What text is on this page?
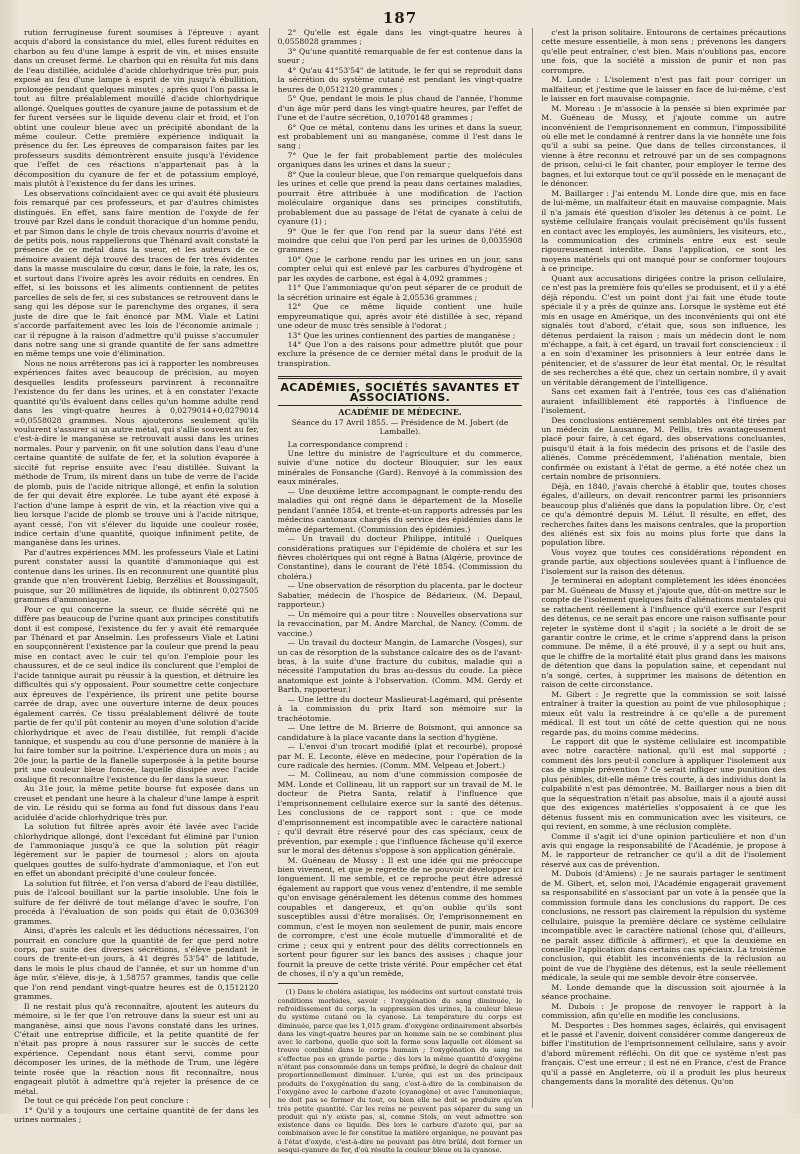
187

rution ferrugineuse furent soumises à l'épreuve : ayant acquis d'abord la consistance du miel, elles furent réduites en charbon au feu d'une lampe à esprit de vin, et mises ensuite dans un creuset fermé. Le charbon qui en résulta fut mis dans de l'eau distillée, acidulée d'acide chlorhydrique très pur, puis exposé au feu d'une lampe à esprit de vin jusqu'à ébullition, prolongée pendant quelques minutes ; après quoi l'on passa le tout au filtre préalablement mouillé d'acide chlorhydrique allongé. Quelques gouttes de cyanure jaune de potassium et de fer furent versées sur le liquide devenu clair et froid, et l'on obtint une couleur bleue avec un précipité abondant de la même couleur. Cette première expérience indiquait la présence du fer. Les épreuves de comparaison faites par les professeurs susdits démontrèrent ensuite jusqu'à l'évidence que l'effet de ces réactions n'appartenait pas à la décomposition du cyanure de fer et de potassium employé, mais plutôt à l'existence du fer dans les urines.

Les observations coïncidaient avec ce qui avait été plusieurs fois remarqué par ces professeurs, et par d'autres chimistes distingués. En effet, sans faire mention de l'oxyde de fer trouvé par Rzel dans le conduit thoracique d'un homme pendu, et par Simon dans le chyle de trois chevaux nourris d'avoine et de petits pois, nous rappellerons que Thénard avait constaté la présence de ce métal dans la sueur, et les auteurs de ce mémoire avaient déjà trouvé des traces de fer très évidentes dans la masse musculaire du cœur, dans le foie, la rate, les os, et surtout dans l'ivoire après les avoir réduits en cendres. En effet, si les boissons et les aliments contiennent de petites parcelles de sels de fer, si ces substances se retrouvent dans le sang qui les dépose sur le parenchyme des organes, il sera juste de dire que le fait énoncé par MM. Viale et Latini s'accorde parfaitement avec les lois de l'économie animale ; car il répugne à la raison d'admettre qu'il puisse s'accumuler dans notre sang une si grande quantité de fer sans admettre en même temps une voie d'élimination.

Nous ne nous arrêterons pas ici à rapporter les nombreuses expériences faites avec beaucoup de précision, au moyen desquelles lesdits professeurs parvinrent à reconnaître l'existence du fer dans les urines, et à en constater l'exacte quantité qu'ils évaluent dans celles qu'un homme adulte rend dans les vingt-quatre heures à 0,0279014+0,0279014 =0,0558028 grammes. Nous ajouterons seulement qu'ils voulurent s'assurer si un autre métal, qui s'allie souvent au fer, c'est-à-dire le manganèse se retrouvait aussi dans les urines normales. Pour y parvenir, on fit une solution dans l'eau d'une certaine quantité de sulfate de fer, et la solution évaporée à siccité fut reprise ensuite avec l'eau distillée. Suivant la méthode de Trum, ils mirent dans un tube de verre de l'acide de plomb, puis de l'acide nitrique allongé, et enfin la solution de fer qui devait être explorée. Le tube ayant été exposé à l'action d'une lampe à esprit de vin, et la réaction vive qui a lieu lorsque l'acide de plomb se trouve uni à l'acide nitrique, ayant cessé, l'on vit s'élever du liquide une couleur rosée, indice certain d'une quantité, quoique infiniment petite, de manganèse dans les urines.

Par d'autres expériences MM. les professeurs Viale et Latini purent constater aussi la quantité d'ammoniaque qui est contenue dans les urines. Ils en reconnurent une quantité plus grande que n'en trouvèrent Liebig, Berzélius et Boussingault, puisque, sur 20 millimètres de liquide, ils obtinrent 0,027505 grammes d'ammoniaque.

Pour ce qui concerne la sueur, ce fluide sécrété qui ne diffère pas beaucoup de l'urine quant aux principes constitutifs dont il est composé, l'existence du fer y avait été remarquée par Thénard et par Anselmin. Les professeurs Viale et Latini en soupçonnèrent l'existence par la couleur que prend la peau mise en contact avec le cuir tel qu'on l'emploie pour les chaussures, et de ce seul indice ils conclurent que l'emploi de l'acide tannique aurait pu réussir à la question, et détruire les difficultés qui s'y opposaient. Pour soumettre cette conjecture aux épreuves de l'expérience, ils prirent une petite bourse carrée de drap, avec une ouverture interne de deux pouces également carrés. Ce tissu préalablement délivré de toute partie de fer qu'il pût contenir au moyen d'une solution d'acide chlorhydrique et avec de l'eau distillée, fut rempli d'acide tannique, et suspendu au cou d'une personne de manière à la lui faire tomber sur la poitrine. L'expérience dura un mois ; au 20e jour, la partie de la flanelle superposée à la petite bourse prit une couleur bleue foncée, laquelle dissipée avec l'acide oxalique fit reconnaître l'existence du fer dans la sueur.

Au 31e jour, la même petite bourse fut exposée dans un creuset et pendant une heure à la chaleur d'une lampe à esprit de vin. Le résidu qui se forma au fond fut dissous dans l'eau acidulée d'acide chlorhydrique très pur.

La solution fut filtrée après avoir été lavée avec l'acide chlorhydrique allongé, dont l'excédant fut éliminé par l'union de l'ammoniaque jusqu'à ce que la solution pût réagir légèrement sur le papier de tournesol ; alors on ajouta quelques gouttes de sulfo-hydrate d'ammoniaque, et l'on eut en effet un abondant précipité d'une couleur foncée.

La solution fut filtrée, et l'on versa d'abord de l'eau distillée, puis de l'alcool bouillant sur la partie insoluble. Une fois le sulfure de fer délivré de tout mélange d'avec le soufre, l'on procéda à l'évaluation de son poids qui était de 0,036309 grammes.

Ainsi, d'après les calculs et les déductions nécessaires, l'on pourrait en conclure que la quantité de fer que perd notre corps, par suite des diverses sécrétions, s'élève pendant le cours de trente-et-un jours, à 41 degrés 53'54" de latitude, dans le mois le plus chaud de l'année, et sur un homme d'un âge mûr, s'élève, dis-je, à 1,58757 grammes, tandis que celle que l'on rend pendant vingt-quatre heures est de 0,1512120 grammes.

Il ne restait plus qu'à reconnaître, ajoutent les auteurs du mémoire, si le fer que l'on retrouve dans la sueur est uni au manganèse, ainsi que nous l'avons constaté dans les urines. C'était une entreprise difficile, et la petite quantité de fer n'était pas propre à nous rassurer sur le succès de cette expérience. Cependant nous étant servi, comme pour décomposer les urines, de la méthode de Trum, une légère teinte rosée que la réaction nous fit reconnaître, nous engageait plutôt à admettre qu'à rejeter la présence de ce métal.

De tout ce qui précède l'on peut conclure :

1° Qu'il y a toujours une certaine quantité de fer dans les urines normales ;

2° Qu'elle est égale dans les vingt-quatre heures à 0,0558028 grammes ;

3° Qu'une quantité remarquable de fer est contenue dans la sueur ;

4° Qu'au 41°53'54" de latitude, le fer qui se reproduit dans la sécrétion du système cutané est pendant les vingt-quatre heures de 0,0512120 grammes ;

5° Que, pendant le mois le plus chaud de l'année, l'homme d'un âge mûr perd dans les vingt-quatre heures, par l'effet de l'une et de l'autre sécrétion, 0,1070148 grammes ;

6° Que ce métal, contenu dans les urines et dans la sueur, est probablement uni au manganèse, comme il l'est dans le sang ;

7° Que le fer fait probablement partie des molécules organiques dans les urines et dans la sueur ;

8° Que la couleur bleue, que l'on remarque quelquefois dans les urines et celle que prend la peau dans certaines maladies, pourrait être attribuée à une modification de l'action moléculaire organique dans ses principes constitutifs, probablement due au passage de l'état de cyanate à celui de cyanure (1) ;

9° Que le fer que l'on rend par la sueur dans l'été est moindre que celui que l'on perd par les urines de 0,0035908 grammes ;

10° Que le carbone rendu par les urines en un jour, sans compter celui qui est enlevé par les carbures d'hydrogène et par les oxydes de carbone, est égal à 4,092 grammes ;

11° Que l'ammoniaque qu'on peut séparer de ce produit de la sécrétion urinaire est égale à 2,05536 grammes ;

12° Que ce même liquide contient une huile empyreumatique qui, après avoir été distillée à sec, répand une odeur de musc très sensible à l'odorat ;

13° Que les urines contiennent des parties de manganèse ;

14° Que l'on a des raisons pour admettre plutôt que pour exclure la présence de ce dernier métal dans le produit de la transpiration.

ACADÉMIES, SOCIÉTÉS SAVANTES ET ASSOCIATIONS.
ACADÉMIE DE MÉDECINE.
Séance du 17 Avril 1855. — Présidence de M. Jobert (de Lamballe).

La correspondance comprend :

Une lettre du ministre de l'agriculture et du commerce, suivie d'une notice du docteur Blouquier, sur les eaux minérales de Fonsanche (Gard). Renvoyé à la commission des eaux minérales.

— Une deuxième lettre accompagnant le compte-rendu des maladies qui ont régné dans le département de la Moselle pendant l'année 1854, et trente-et-un rapports adressés par les médecins cantonaux chargés du service des épidémies dans le même département. (Commission des épidémies.)

— Un travail du docteur Philippe, intitulé : Quelques considérations pratiques sur l'épidémie de choléra et sur les fièvres cholériques qui ont régné à Batna (Algérie, province de Constantine), dans le courant de l'été 1854. (Commission du choléra.)

— Une observation de résorption du placenta, par le docteur Sabatier, médecin de l'hospice de Bédarieux. (M. Depaul, rapporteur.)

— Un mémoire qui a pour titre : Nouvelles observations sur la revaccination, par M. Andre Marchal, de Nancy. (Comm. de vaccine.)

— Un travail du docteur Mangin, de Lamarche (Vosges), sur un cas de résorption de la substance calcaire des os de l'avant-bras, à la suite d'une fracture du cubitus, maladie qui a nécessité l'amputation du bras au-dessus du coude. La pièce anatomique est jointe à l'observation. (Comm. MM. Gerdy et Barth, rapporteur.)

— Une lettre du docteur Maslieurat-Lagémard, qui présente à la commission du prix Itard son mémoire sur la trachéotomie.

— Une lettre de M. Brierre de Boismont, qui annonce sa candidature à la place vacante dans la section d'hygiène.

— L'envoi d'un trocart modifié (plat et recourbé), proposé par M. E. Leconte, élève en médecine, pour l'opération de la cure radicale des hernies. (Comm. MM. Velpeau et Jobert.)

— M. Collineau, au nom d'une commission composée de MM. Londe et Collineau, lit un rapport sur un travail de M. le docteur de Pietra Santa, relatif à l'influence que l'emprisonnement cellulaire exerce sur la santé des détenus. Les conclusions de ce rapport sont : que ce mode d'emprisonnement est incompatible avec le caractère national ; qu'il devrait être réservé pour des cas spéciaux, ceux de prévention, par exemple ; que l'influence fâcheuse qu'il exerce sur le moral des détenus s'oppose à son application générale.

M. Guéneau de Mussy : Il est une idée qui me préoccupe bien vivement, et que je regrette de ne pouvoir développer ici longuement. Il me semble, et ce reproche peut être adressé également au rapport que vous venez d'entendre, il me semble qu'on envisage généralement les détenus comme des hommes coupables et dangereux, et qu'on oublie qu'ils sont susceptibles aussi d'être moralisés. Or, l'emprisonnement en commun, c'est le moyen non seulement de punir, mais encore de corrompre, c'est une école mutuelle d'immoralité et de crime ; ceux qui y entrent pour des délits correctionnels en sortent pour figurer sur les bancs des assises ; chaque jour fournit la preuve de cette triste vérité. Pour empêcher cet état de choses, il n'y a qu'un remède,

(1) Dans le choléra asiatique, les médecins ont surtout constaté trois conditions morbides, savoir : l'oxygénation du sang diminuée, le refroidissement du corps, la suppression des urines, la couleur bleue du système cutané ou la cyanose. La température du corps est diminuée, parce que les 1,015 gram. d'oxygène ordinairement absorbés dans les vingt-quatre heures par un homme sain ne se combinent plus avec le carbone, quelle que soit la forme sous laquelle cet élément se trouve combiné dans le corps humain ; l'oxygénation du sang ne s'effectue pas en grande partie ; dès lors la même quantité d'oxygène n'étant pas consommée dans un temps préfixé, le degré de chaleur doit proportionnellement diminuer. L'urée, qui est un des principaux produits de l'oxygénation du sang, c'est-à-dire de la combinaison de l'oxygène avec le carbone d'azote (cyanogène) et avec l'ammoniaque, ne doit pas se former du tout, ou bien elle ne doit se produire qu'en très petite quantité. Car les reins ne peuvent pas séparer du sang un produit qui n'y existe pas, si, comme Stols, on veut admettre son existence dans ce liquide. Dès lors le carbure d'azote qui, par sa combinaison avec le fer constitue la matière organique, ne pouvant pas à l'état d'oxyde, c'est-à-dire ne pouvant pas être brûlé, doit former un sesqui-cyanure de fer, d'où résulte la couleur bleue ou la cyanose.

c'est la prison solitaire. Entourons de certaines précautions cette mesure essentielle, à mon sens ; prévenons les dangers qu'elle peut entraîner, c'est bien. Mais n'oublions pas, encore une fois, que la société a mission de punir et non pas corrompre.

M. Londe : L'isolement n'est pas fait pour corriger un malfaiteur, et j'estime que le laisser en face de lui-même, c'est le laisser en fort mauvaise compagnie.

M. Moreau : Je m'associe à la pensée si bien exprimée par M. Guéneau de Mussy, et j'ajoute comme un autre inconvénient de l'emprisonnement en commun, l'impossibilité où elle met le condamné à rentrer dans la vie honnête une fois qu'il a subi sa peine. Que dans de telles circonstances, il vienne à être reconnu et retrouvé par un de ses compagnons de prison, celui-ci le fait chanter, pour employer le terme des bagnes, et lui extorque tout ce qu'il possède en le menaçant de le dénoncer.

M. Baillarger : J'ai entendu M. Londe dire que, mis en face de lui-même, un malfaiteur était en mauvaise compagnie. Mais il n'a jamais été question d'isoler les détenus à ce point. Le système cellulaire français voulait précisément qu'ils fussent en contact avec les employés, les aumôniers, les visiteurs, etc., la communication des criminels entre eux est seule rigoureusement interdite. Dans l'application, ce sont les moyens matériels qui ont manqué pour se conformer toujours à ce principe.

Quant aux accusations dirigées contre la prison cellulaire, ce n'est pas la première fois qu'elles se produisent, et il y a été déjà répondu. C'est un point dont j'ai fait une étude toute spéciale il y a près de quinze ans. Lorsque le système eut été mis en usage en Amérique, un des inconvénients qui ont été signalés tout d'abord, c'était que, sous son influence, les détenus perdaient la raison ; mais un médecin dont le nom m'échappe, a fait, à cet égard, un travail fort consciencieux : il a en soin d'examiner les prisonniers à leur entrée dans le pénitencier, et de s'assurer de leur état mental. Or, le résultat de ses recherches a été que, chez un certain nombre, il y avait un véritable dérangement de l'intelligence.

Sans cet examen fait à l'entrée, tous ces cas d'aliénation auraient infailliblement été rapportés à l'influence de l'isolement.

Des conclusions entièrement semblables ont été tirées par un médecin de Lausanne, M. Pellis, très avantageusement placé pour faire, à cet égard, des observations concluantes, puisqu'il était à la fois médecin des prisons et de l'asile des aliénés. Comme précédemment, l'aliénation mentale, bien confirmée ou existant à l'état de germe, a été notée chez un certain nombre de prisonniers.

Déjà, en 1840, j'avais cherché à établir que, toutes choses égales, d'ailleurs, on devait rencontrer parmi les prisonniers beaucoup plus d'aliénés que dans la population libre. Or, c'est ce qu'a démontré depuis M. Lélut. Il résulte, en effet, des recherches faites dans les maisons centrales, que la proportion des aliénés est six fois au moins plus forte que dans la population libre.

Vous voyez que toutes ces considérations répondent en grande partie, aux objections soulevées quant à l'influence de l'isolement sur la raison des détenus.

Je terminerai en adoptant complètement les idées énoncées par M. Guéneau de Mussy et j'ajoute que, dût-on mettre sur le compte de l'isolement quelques faits d'aliénations mentales qui se rattachent réellement à l'influence qu'il exerce sur l'esprit des détenus, ce ne serait pas encore une raison suffisante pour rejeter le système dont il s'agit ; la société a le droit de se garantir contre le crime, et le crime s'apprend dans la prison commune. De même, il a été prouvé, il y a sept ou huit ans, que le chiffre de la mortalité était plus grand dans les maisons de détention que dans la population saine, et cependant nul n'a songé, certes, à supprimer les maisons de détention en raison de cette circonstance.

M. Gibert : Je regrette que la commission se soit laissé entraîner à traiter la question au point de vue philosophique ; mieux eût valu la restreindre à ce qu'elle a de purement médical. Il est tout un côté de cette question qui ne nous regarde pas, du moins comme médecins.

Le rapport dit que le système cellulaire est incompatible avec notre caractère national, qu'il est mal supporté ; comment dès lors peut-il conclure à appliquer l'isolement aux cas de simple prévention ? Ce serait infliger une punition des plus pénibles, dit-elle même très courte, à des individus dont la culpabilité n'est pas démontrée. M. Baillarger nous a bien dit que la séquestration n'était pas absolue, mais il a ajouté aussi que des exigences matérielles s'opposaient à ce que les détenus fussent mis en communication avec les visiteurs, ce qui revient, en somme, à une réclusion complète.

Comme il s'agit ici d'une opinion particulière et non d'un avis qui engage la responsabilité de l'Académie, je propose à M. le rapporteur de retrancher ce qu'il a dit de l'isolement réservé aux cas de prévention.

M. Dubois (d'Amiens) : Je ne saurais partager le sentiment de M. Gibert, et, selon moi, l'Académie engagerait gravement sa responsabilité en s'associant par un vote à la pensée que la commission formule dans les conclusions du rapport. De ces conclusions, ne ressort pas clairement la répulsion du système cellulaire, puisque la première déclare ce système cellulaire incompatible avec le caractère national (chose qui, d'ailleurs, ne paraît assez difficile à affirmer), et que la deuxième en conseille l'application dans certains cas spéciaux. La troisième conclusion, qui établit les inconvénients de la réclusion au point de vue de l'hygiène des détenus, est la seule réellement médicale, la seule qui me semble devoir être conservée.

M. Londe demande que la discussion soit ajournée à la séance prochaine.

M. Dubois : Je propose de renvoyer le rapport à la commission, afin qu'elle en modifie les conclusions.

M. Desportes : Des hommes sages, éclairés, qui envisagent et le passé et l'avenir, doivent considérer comme dangereux de biffer l'institution de l'emprisonnement cellulaire, sans y avoir d'abord mûrement réfléchi. On dit que ce système n'est pas français. C'est une erreur ; il est né en France, c'est de France qu'il a passé en Angleterre, où il a produit les plus heureux changements dans la moralité des détenus. Qu'on
